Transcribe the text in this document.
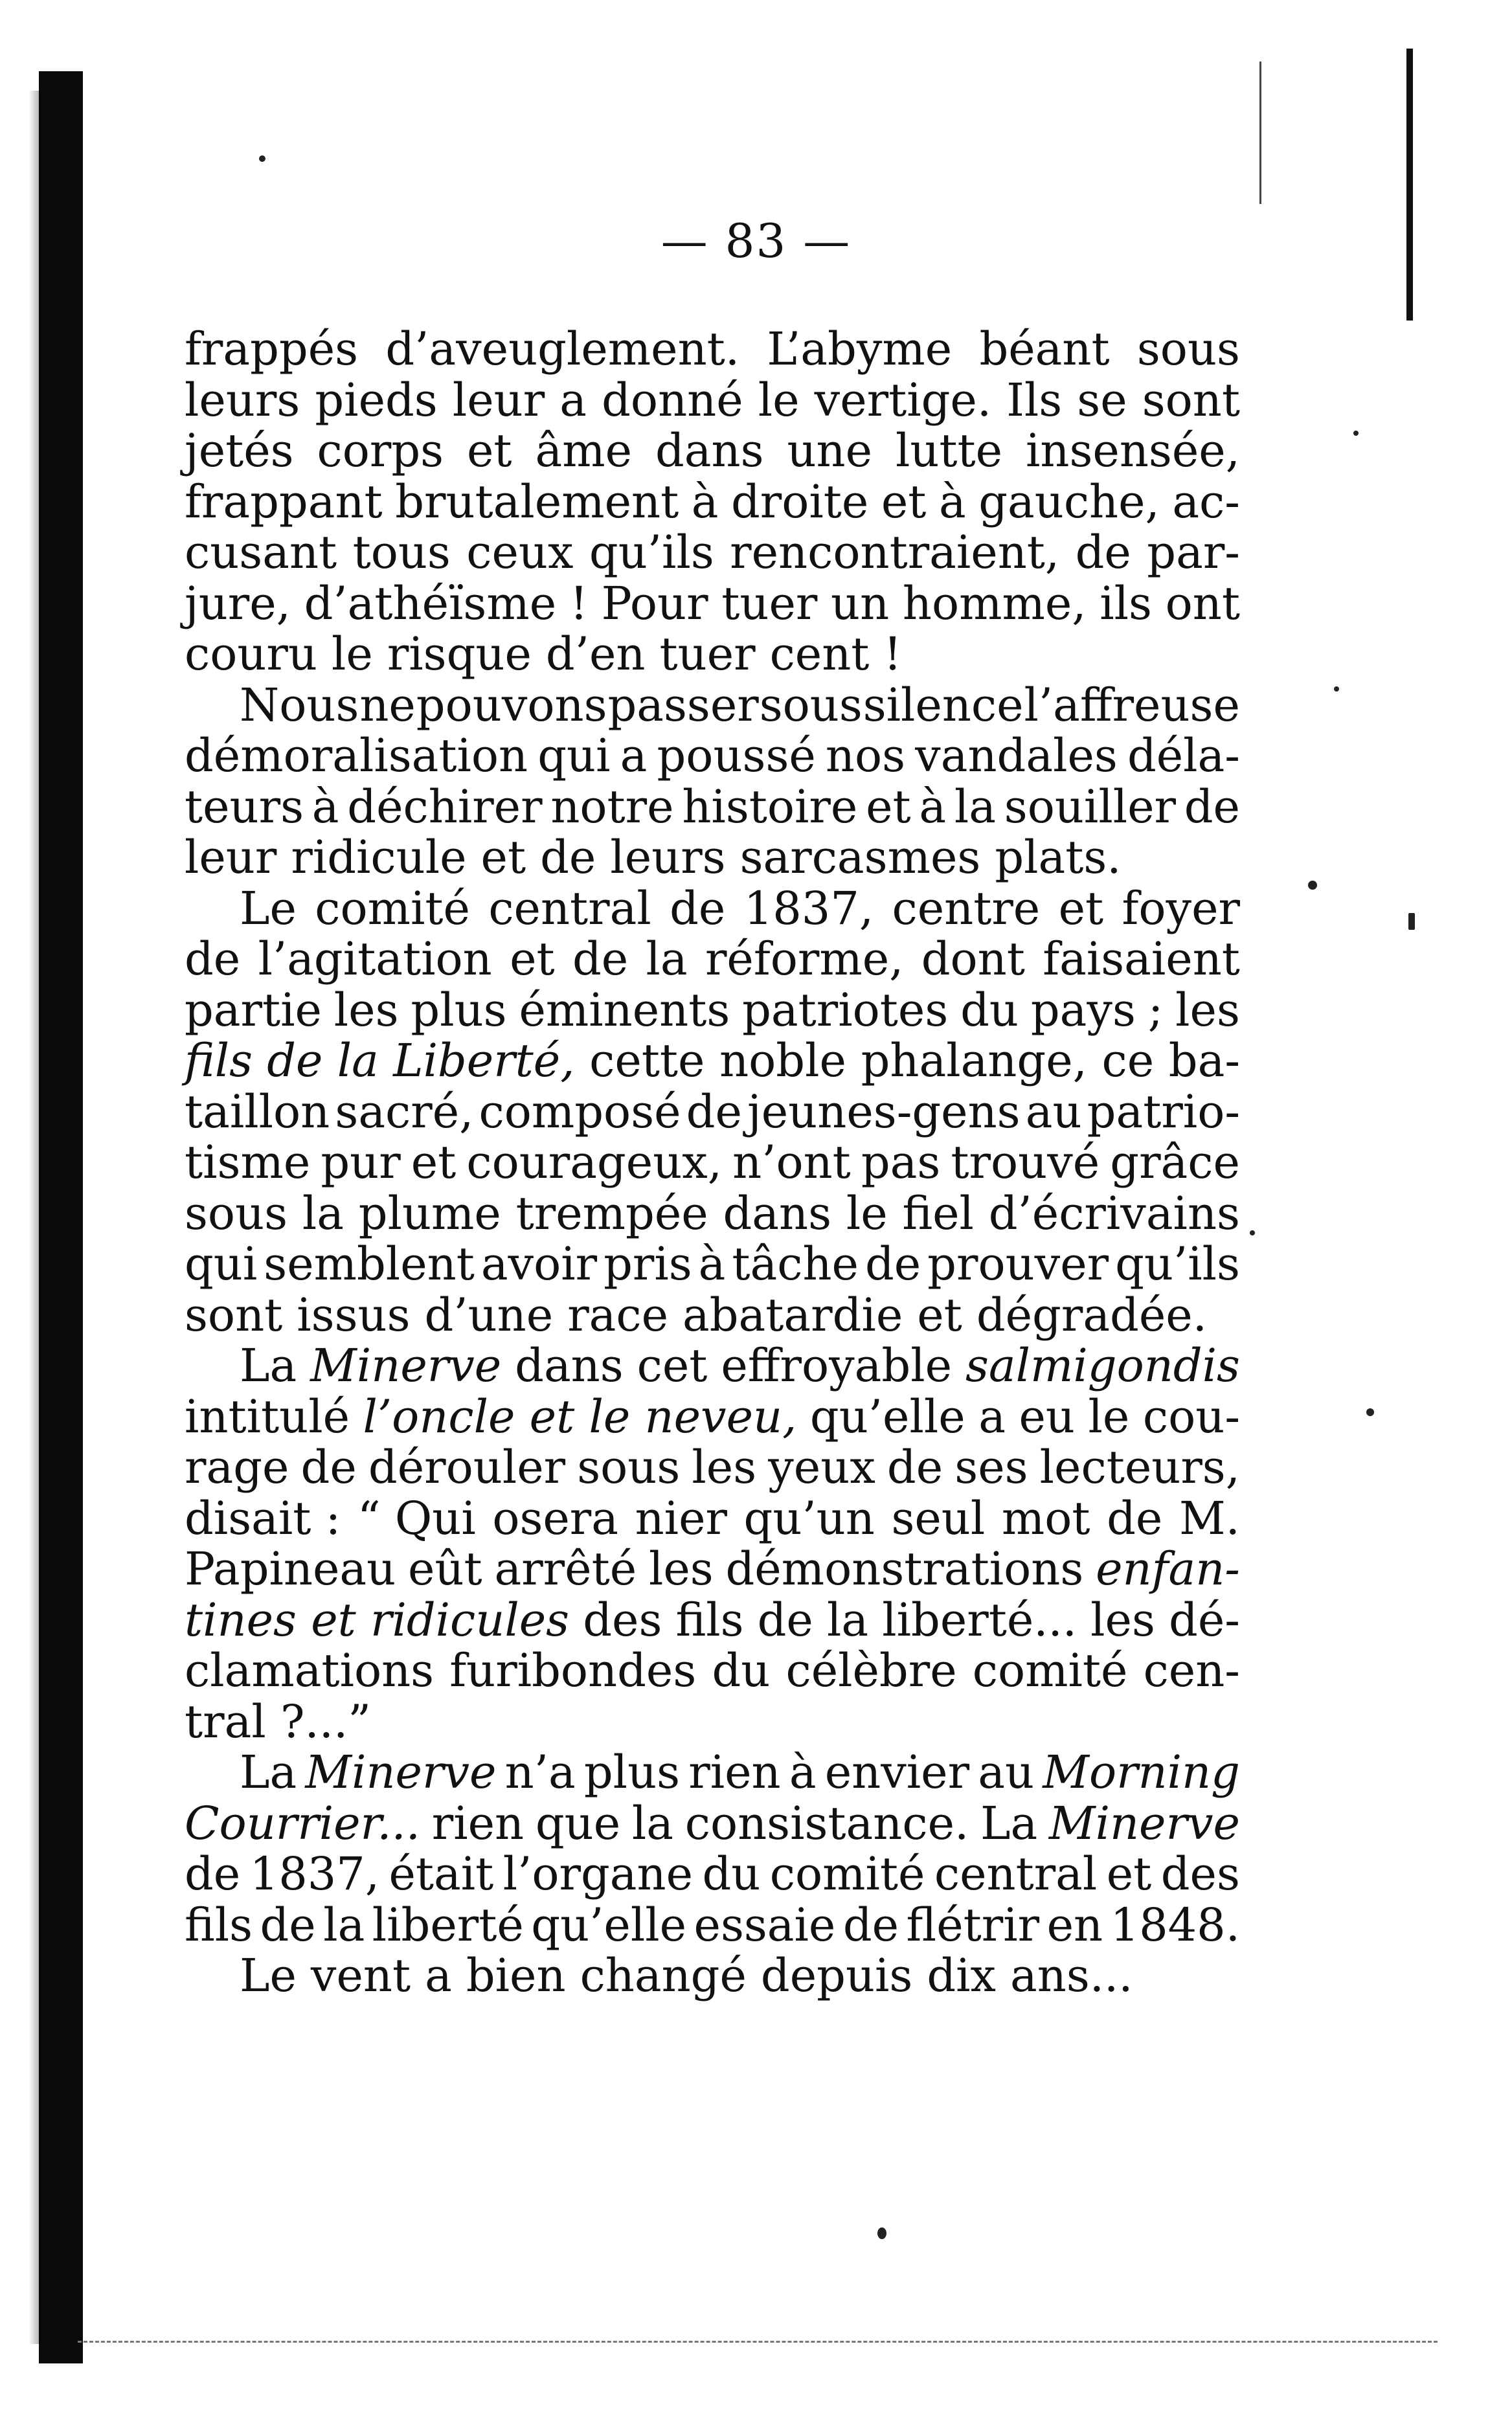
— 83 —
frappés d’aveuglement. L’abyme béant sous
leurs pieds leur a donné le vertige. Ils se sont
jetés corps et âme dans une lutte insensée,
frappant brutalement à droite et à gauche, ac-
cusant tous ceux qu’ils rencontraient, de par-
jure, d’athéïsme ! Pour tuer un homme, ils ont
couru le risque d’en tuer cent !
Nous ne pouvons passer sous silence l’affreuse
démoralisation qui a poussé nos vandales déla-
teurs à déchirer notre histoire et à la souiller de
leur ridicule et de leurs sarcasmes plats.
Le comité central de 1837, centre et foyer
de l’agitation et de la réforme, dont faisaient
partie les plus éminents patriotes du pays ; les
fils de la Liberté, cette noble phalange, ce ba-
taillon sacré, composé de jeunes-gens au patrio-
tisme pur et courageux, n’ont pas trouvé grâce
sous la plume trempée dans le fiel d’écrivains
qui semblent avoir pris à tâche de prouver qu’ils
sont issus d’une race abatardie et dégradée.
La Minerve dans cet effroyable salmigondis
intitulé l’oncle et le neveu, qu’elle a eu le cou-
rage de dérouler sous les yeux de ses lecteurs,
disait : “ Qui osera nier qu’un seul mot de M.
Papineau eût arrêté les démonstrations enfan-
tines et ridicules des fils de la liberté... les dé-
clamations furibondes du célèbre comité cen-
tral ?...”
La Minerve n’a plus rien à envier au Morning
Courrier... rien que la consistance. La Minerve
de 1837, était l’organe du comité central et des
fils de la liberté qu’elle essaie de flétrir en 1848.
Le vent a bien changé depuis dix ans...
